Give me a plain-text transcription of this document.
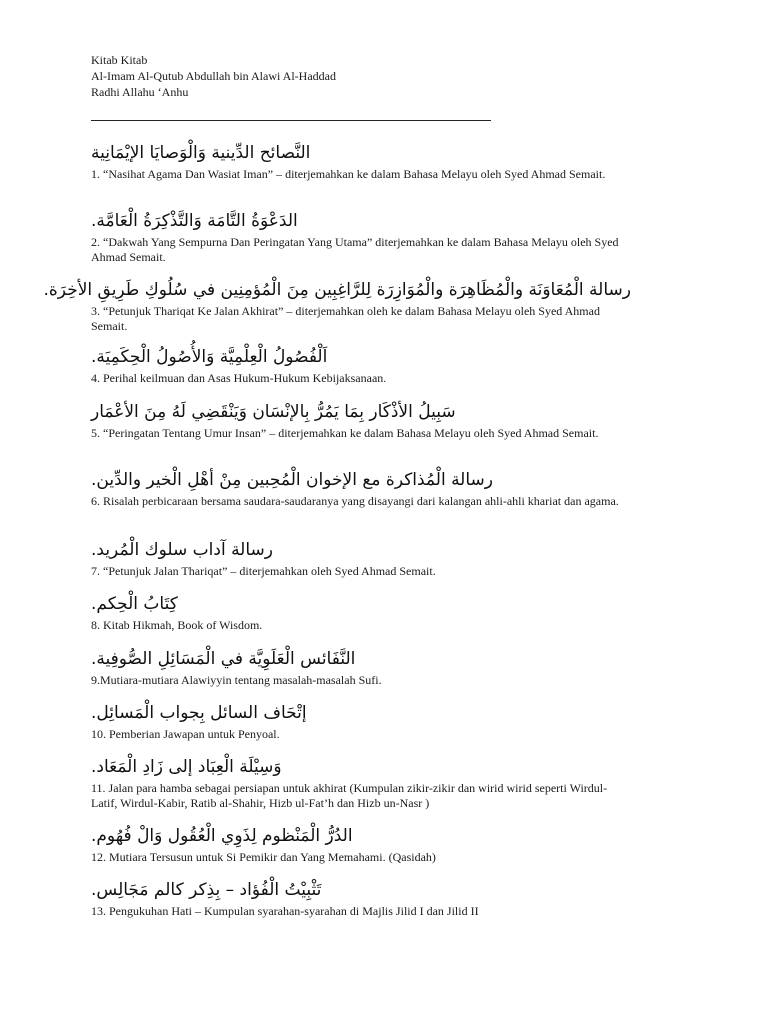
Kitab Kitab
Al-Imam Al-Qutub Abdullah bin Alawi Al-Haddad
Radhi Allahu ‘Anhu
النَّصائح الدِّينية وَالْوَصايَا الإيْمَانِية
1. “Nasihat Agama Dan Wasiat Iman” – diterjemahkan ke dalam Bahasa Melayu oleh Syed Ahmad Semait.
الدَعْوَةُ التَّامَة وَالتَّذْكِرَةُ الْعَامَّة.
2. “Dakwah Yang Sempurna Dan Peringatan Yang Utama” diterjemahkan ke dalam Bahasa Melayu oleh Syed Ahmad Semait.
رسالة الْمُعَاوَنَة والْمُظَاهِرَة والْمُوَازِرَة لِلرَّاغِبِين مِنَ الْمُؤمِنِين في سُلُوكِ طَرِيقِ الأخِرَة.
3. “Petunjuk Thariqat Ke Jalan Akhirat” – diterjemahkan oleh ke dalam Bahasa Melayu oleh Syed Ahmad Semait.
اَلْفُصُولُ الْعِلْمِيَّة وَالأُصُولُ الْحِكَمِيَة.
4. Perihal keilmuan dan Asas Hukum-Hukum Kebijaksanaan.
سَبِيلُ الأذْكَار بِمَا يَمُرُّ بِالإنْسَان وَيَنْقَضِي لَهُ مِنَ الأعْمَار
5. “Peringatan Tentang Umur Insan” – diterjemahkan ke dalam Bahasa Melayu oleh Syed Ahmad Semait.
رسالة الْمُذاكرة مع الإخوان الْمُحِبين مِنْ أهْلِ الْخير والدِّين.
6. Risalah perbicaraan bersama saudara-saudaranya yang disayangi dari kalangan ahli-ahli khariat dan agama.
رسالة آداب سلوك الْمُريد.
7. “Petunjuk Jalan Thariqat” – diterjemahkan oleh Syed Ahmad Semait.
كِتَابُ الْحِكم.
8. Kitab Hikmah, Book of Wisdom.
النَّفَائس الْعَلَوِيَّة في الْمَسَائِلِ الصُّوفِية.
9.Mutiara-mutiara Alawiyyin tentang masalah-masalah Sufi.
إتْحَاف السائل بِجواب الْمَسائِل.
10. Pemberian Jawapan untuk Penyoal.
وَسِيْلَة الْعِبَاد إلى زَادِ الْمَعَاد.
11. Jalan para hamba sebagai persiapan untuk akhirat (Kumpulan zikir-zikir dan wirid wirid seperti Wirdul-Latif, Wirdul-Kabir, Ratib al-Shahir, Hizb ul-Fat’h dan Hizb un-Nasr )
الدُرُّ الْمَنْظوم لِذَوِي الْعُقُول وَالْ فُهُوم.
12. Mutiara Tersusun untuk Si Pemikir dan Yang Memahami. (Qasidah)
تَثْبِيْتُ الْفُؤاد – بِذِكر كالم مَجَالِس.
13. Pengukuhan Hati – Kumpulan syarahan-syarahan di Majlis Jilid I dan Jilid II
